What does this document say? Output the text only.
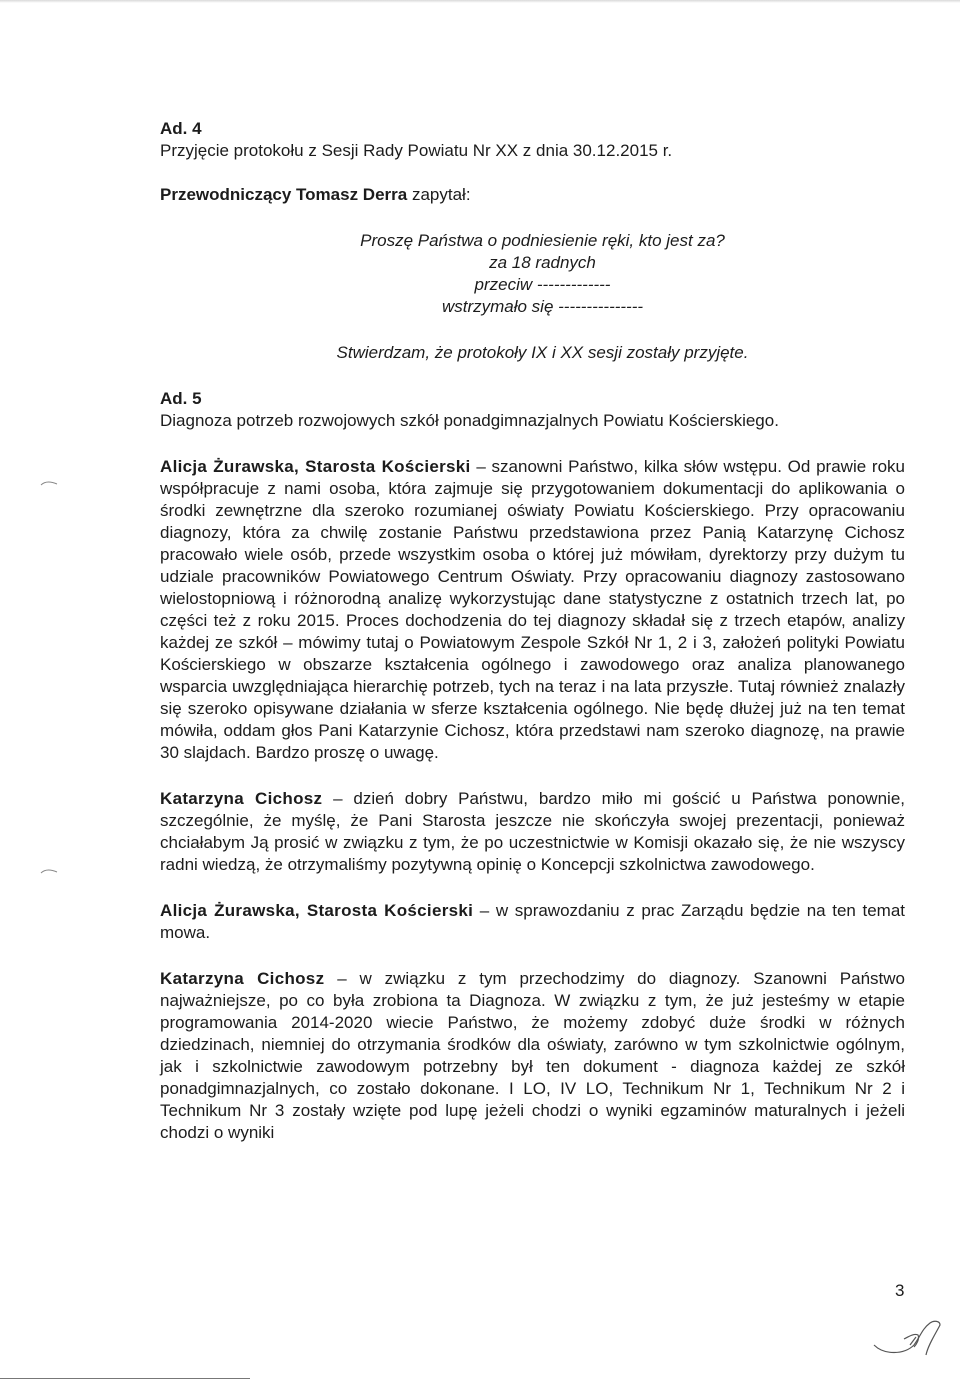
Ad. 4

Przyjęcie protokołu z Sesji Rady Powiatu Nr XX z dnia 30.12.2015 r.

Przewodniczący Tomasz Derra zapytał:

Proszę Państwa o podniesienie ręki, kto jest za?

za 18 radnych

przeciw -------------

wstrzymało się ---------------

Stwierdzam, że protokoły IX i XX sesji zostały przyjęte.

Ad. 5

Diagnoza potrzeb rozwojowych szkół ponadgimnazjalnych Powiatu Kościerskiego.

Alicja Żurawska, Starosta Kościerski – szanowni Państwo, kilka słów wstępu. Od prawie roku współpracuje z nami osoba, która zajmuje się przygotowaniem dokumentacji do aplikowania o środki zewnętrzne dla szeroko rozumianej oświaty Powiatu Kościerskiego. Przy opracowaniu diagnozy, która za chwilę zostanie Państwu przedstawiona przez Panią Katarzynę Cichosz pracowało wiele osób, przede wszystkim osoba o której już mówiłam, dyrektorzy przy dużym tu udziale pracowników Powiatowego Centrum Oświaty. Przy opracowaniu diagnozy zastosowano wielostopniową i różnorodną analizę wykorzystując dane statystyczne z ostatnich trzech lat, po części też z roku 2015. Proces dochodzenia do tej diagnozy składał się z trzech etapów, analizy każdej ze szkół – mówimy tutaj o Powiatowym Zespole Szkół Nr 1, 2 i 3, założeń polityki Powiatu Kościerskiego w obszarze kształcenia ogólnego i zawodowego oraz analiza planowanego wsparcia uwzględniająca hierarchię potrzeb, tych na teraz i na lata przyszłe. Tutaj również znalazły się szeroko opisywane działania w sferze kształcenia ogólnego. Nie będę dłużej już na ten temat mówiła, oddam głos Pani Katarzynie Cichosz, która przedstawi nam szeroko diagnozę, na prawie 30 slajdach. Bardzo proszę o uwagę.

Katarzyna Cichosz – dzień dobry Państwu, bardzo miło mi gościć u Państwa ponownie, szczególnie, że myślę, że Pani Starosta jeszcze nie skończyła swojej prezentacji, ponieważ chciałabym Ją prosić w związku z tym, że po uczestnictwie w Komisji okazało się, że nie wszyscy radni wiedzą, że otrzymaliśmy pozytywną opinię o Koncepcji szkolnictwa zawodowego.

Alicja Żurawska, Starosta Kościerski – w sprawozdaniu z prac Zarządu będzie na ten temat mowa.

Katarzyna Cichosz – w związku z tym przechodzimy do diagnozy. Szanowni Państwo najważniejsze, po co była zrobiona ta Diagnoza. W związku z tym, że już jesteśmy w etapie programowania 2014-2020 wiecie Państwo, że możemy zdobyć duże środki w różnych dziedzinach, niemniej do otrzymania środków dla oświaty, zarówno w tym szkolnictwie ogólnym, jak i szkolnictwie zawodowym potrzebny był ten dokument - diagnoza każdej ze szkół ponadgimnazjalnych, co zostało dokonane. I LO, IV LO, Technikum Nr 1, Technikum Nr 2 i Technikum Nr 3 zostały wzięte pod lupę jeżeli chodzi o wyniki egzaminów maturalnych i jeżeli chodzi o wyniki

3
